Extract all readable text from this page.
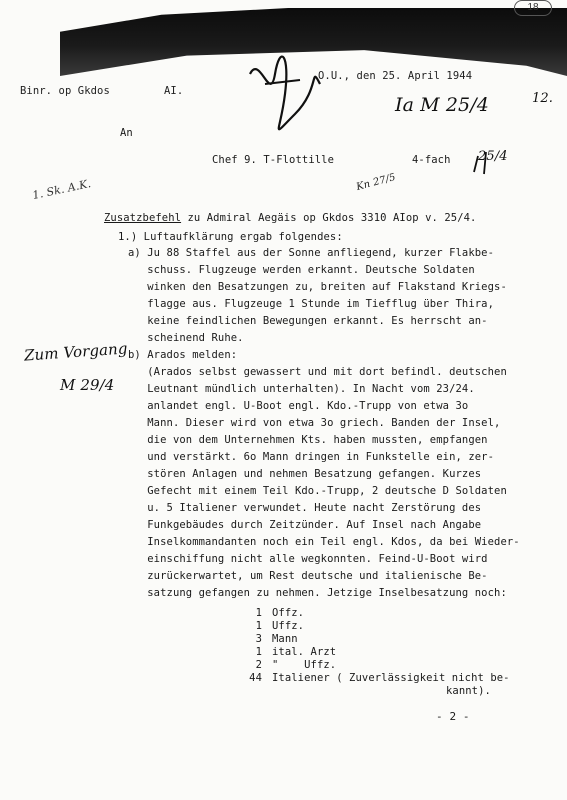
18
Binr. op Gkdos	AI.
O.U., den 25. April 1944
Ia M 25/4	12.
An
Chef 9. T-Flottille	4-fach 25/4
1. Sk. A.K.	Kn 27/5
Zum Vorgang
M 29/4
Zusatzbefehl zu Admiral Aegäis op Gkdos 3310 AIop v. 25/4.
1.) Luftaufklärung ergab folgendes:
a) Ju 88 Staffel aus der Sonne anfliegend, kurzer Flakbe-
schuss. Flugzeuge werden erkannt. Deutsche Soldaten
winken den Besatzungen zu, breiten auf Flakstand Kriegs-
flagge aus. Flugzeuge 1 Stunde im Tiefflug über Thira,
keine feindlichen Bewegungen erkannt. Es herrscht an-
scheinend Ruhe.
b) Arados melden:
(Arados selbst gewassert und mit dort befindl. deutschen
Leutnant mündlich unterhalten). In Nacht vom 23/24.
anlandet engl. U-Boot engl. Kdo.-Trupp von etwa 3o
Mann. Dieser wird von etwa 3o griech. Banden der Insel,
die von dem Unternehmen Kts. haben mussten, empfangen
und verstärkt. 6o Mann dringen in Funkstelle ein, zer-
stören Anlagen und nehmen Besatzung gefangen. Kurzes
Gefecht mit einem Teil Kdo.-Trupp, 2 deutsche D Soldaten
u. 5 Italiener verwundet. Heute nacht Zerstörung des
Funkgebäudes durch Zeitzünder. Auf Insel nach Angabe
Inselkommandanten noch ein Teil engl. Kdos, da bei Wieder-
einschiffung nicht alle wegkonnten. Feind-U-Boot wird
zurückerwartet, um Rest deutsche und italienische Be-
satzung gefangen zu nehmen. Jetzige Inselbesatzung noch:
1 Offz.
1 Uffz.
3 Mann
1 ital. Arzt
2 "    Uffz.
44 Italiener ( Zuverlässigkeit nicht be-
kannt).
- 2 -
